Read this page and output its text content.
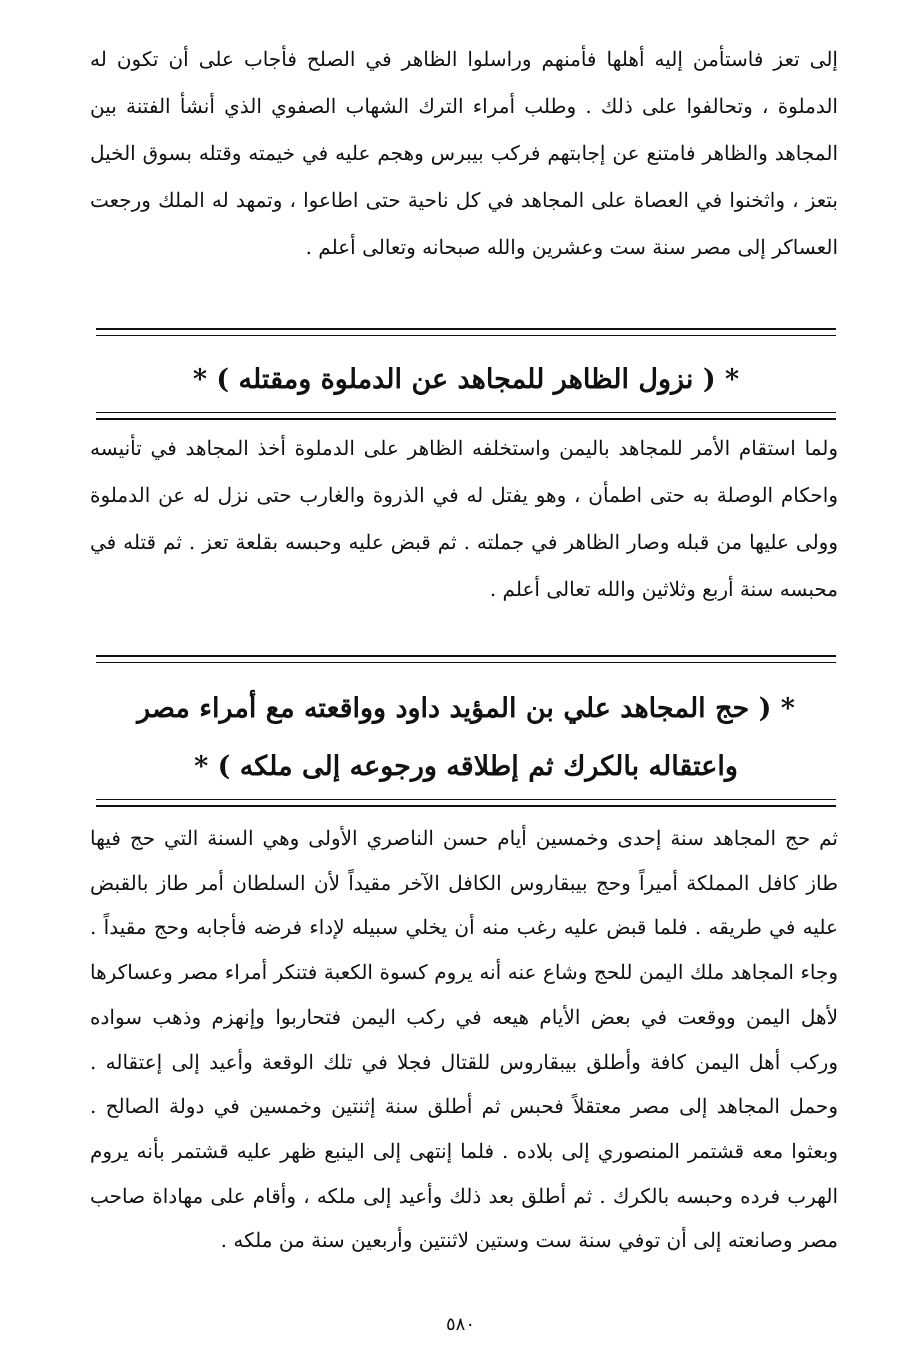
إلى تعز فاستأمن إليه أهلها فأمنهم وراسلوا الظاهر في الصلح فأجاب على أن تكون له الدملوة ، وتحالفوا على ذلك . وطلب أمراء الترك الشهاب الصفوي الذي أنشأ الفتنة بين المجاهد والظاهر فامتنع عن إجابتهم فركب بيبرس وهجم عليه في خيمته وقتله بسوق الخيل بتعز ، واثخنوا في العصاة على المجاهد في كل ناحية حتى اطاعوا ، وتمهد له الملك ورجعت العساكر إلى مصر سنة ست وعشرين والله صبحانه وتعالى أعلم .

* ( نزول الظاهر للمجاهد عن الدملوة ومقتله ) *

ولما استقام الأمر للمجاهد باليمن واستخلفه الظاهر على الدملوة أخذ المجاهد في تأنيسه واحكام الوصلة به حتى اطمأن ، وهو يفتل له في الذروة والغارب حتى نزل له عن الدملوة وولى عليها من قبله وصار الظاهر في جملته . ثم قبض عليه وحبسه بقلعة تعز . ثم قتله في محبسه سنة أربع وثلاثين والله تعالى أعلم .

* ( حج المجاهد علي بن المؤيد داود وواقعته مع أمراء مصر واعتقاله بالكرك ثم إطلاقه ورجوعه إلى ملكه ) *

ثم حج المجاهد سنة إحدى وخمسين أيام حسن الناصري الأولى وهي السنة التي حج فيها طاز كافل المملكة أميراً وحج بيبقاروس الكافل الآخر مقيداً لأن السلطان أمر طاز بالقبض عليه في طريقه . فلما قبض عليه رغب منه أن يخلي سبيله لإداء فرضه فأجابه وحج مقيداً . وجاء المجاهد ملك اليمن للحج وشاع عنه أنه يروم كسوة الكعبة فتنكر أمراء مصر وعساكرها لأهل اليمن ووقعت في بعض الأيام هيعه في ركب اليمن فتحاربوا وإنهزم وذهب سواده وركب أهل اليمن كافة وأطلق بيبقاروس للقتال فجلا في تلك الوقعة وأعيد إلى إعتقاله . وحمل المجاهد إلى مصر معتقلاً فحبس ثم أطلق سنة إثنتين وخمسين في دولة الصالح . وبعثوا معه قشتمر المنصوري إلى بلاده . فلما إنتهى إلى الينبع ظهر عليه قشتمر بأنه يروم الهرب فرده وحبسه بالكرك . ثم أطلق بعد ذلك وأعيد إلى ملكه ، وأقام على مهاداة صاحب مصر وصانعته إلى أن توفي سنة ست وستين لاثنتين وأربعين سنة من ملكه .

٥٨٠
